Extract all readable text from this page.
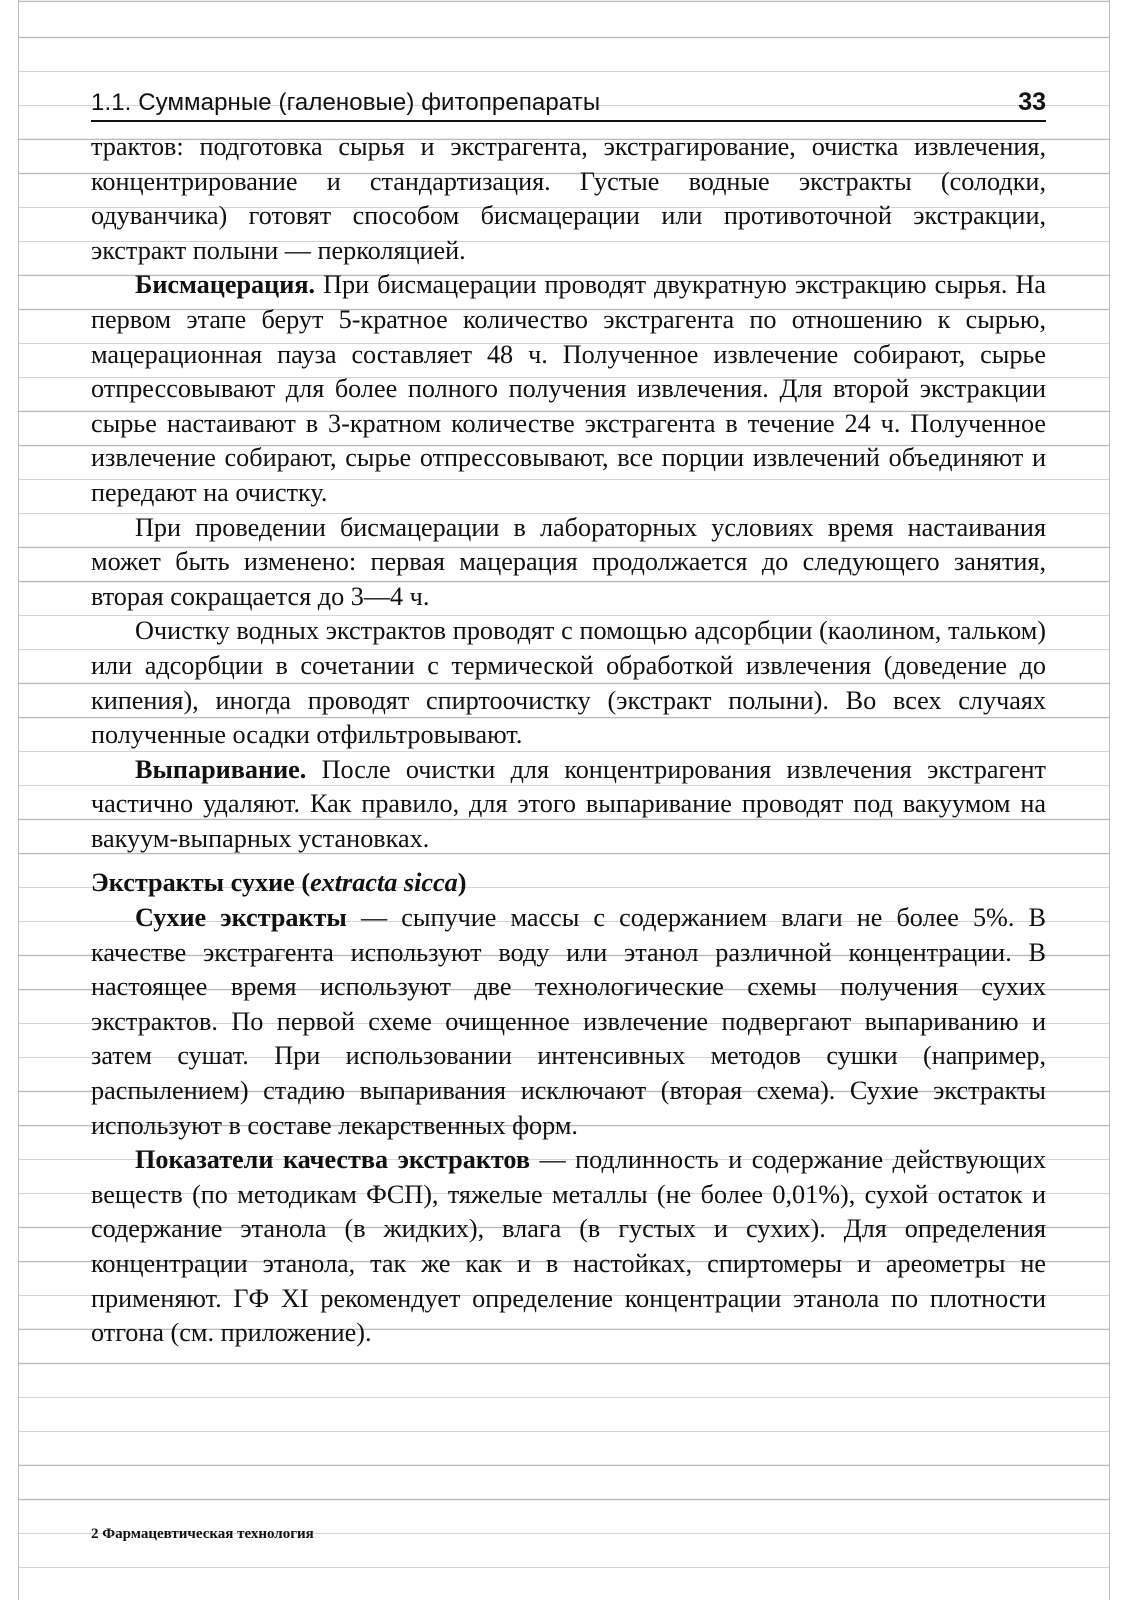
1.1. Суммарные (галеновые) фитопрепараты	33

трактов: подготовка сырья и экстрагента, экстрагирование, очистка извлечения, концентрирование и стандартизация. Густые водные экстракты (солодки, одуванчика) готовят способом бисмацерации или противоточной экстракции, экстракт полыни — перколяцией.

Бисмацерация. При бисмацерации проводят двукратную экстракцию сырья. На первом этапе берут 5-кратное количество экстрагента по отношению к сырью, мацерационная пауза составляет 48 ч. Полученное извлечение собирают, сырье отпрессовывают для более полного получения извлечения. Для второй экстракции сырье настаивают в 3-кратном количестве экстрагента в течение 24 ч. Полученное извлечение собирают, сырье отпрессовывают, все порции извлечений объединяют и передают на очистку.

При проведении бисмацерации в лабораторных условиях время настаивания может быть изменено: первая мацерация продолжается до следующего занятия, вторая сокращается до 3—4 ч.

Очистку водных экстрактов проводят с помощью адсорбции (каолином, тальком) или адсорбции в сочетании с термической обработкой извлечения (доведение до кипения), иногда проводят спиртоочистку (экстракт полыни). Во всех случаях полученные осадки отфильтровывают.

Выпаривание. После очистки для концентрирования извлечения экстрагент частично удаляют. Как правило, для этого выпаривание проводят под вакуумом на вакуум-выпарных установках.

Экстракты сухие (extracta sicca)

Сухие экстракты — сыпучие массы с содержанием влаги не более 5%. В качестве экстрагента используют воду или этанол различной концентрации. В настоящее время используют две технологические схемы получения сухих экстрактов. По первой схеме очищенное извлечение подвергают выпариванию и затем сушат. При использовании интенсивных методов сушки (например, распылением) стадию выпаривания исключают (вторая схема). Сухие экстракты используют в составе лекарственных форм.

Показатели качества экстрактов — подлинность и содержание действующих веществ (по методикам ФСП), тяжелые металлы (не более 0,01%), сухой остаток и содержание этанола (в жидких), влага (в густых и сухих). Для определения концентрации этанола, так же как и в настойках, спиртомеры и ареометры не применяют. ГФ XI рекомендует определение концентрации этанола по плотности отгона (см. приложение).

2 Фармацевтическая технология
